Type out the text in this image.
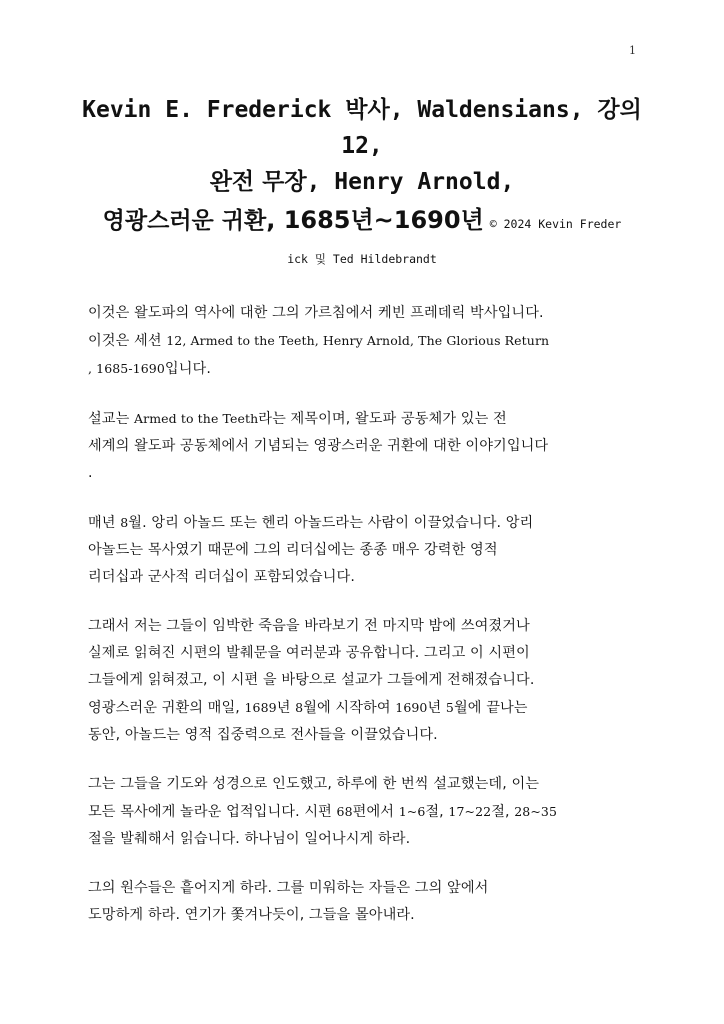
1
Kevin E. Frederick 박사, Waldensians, 강의
12,
완전 무장, Henry Arnold,
영광스러운 귀환, 1685년~1690년 © 2024 Kevin Freder
ick 및 Ted Hildebrandt

이것은 왈도파의 역사에 대한 그의 가르침에서 케빈 프레데릭 박사입니다.
이것은 세션 12, Armed to the Teeth, Henry Arnold, The Glorious Return
, 1685-1690입니다.

설교는 Armed to the Teeth라는 제목이며, 왈도파 공동체가 있는 전
세계의 왈도파 공동체에서 기념되는 영광스러운 귀환에 대한 이야기입니다
.

매년 8월. 앙리 아놀드 또는 헨리 아놀드라는 사람이 이끌었습니다. 앙리
아놀드는 목사였기 때문에 그의 리더십에는 종종 매우 강력한 영적
리더십과 군사적 리더십이 포함되었습니다.

그래서 저는 그들이 임박한 죽음을 바라보기 전 마지막 밤에 쓰여졌거나
실제로 읽혀진 시편의 발췌문을 여러분과 공유합니다. 그리고 이 시편이
그들에게 읽혀졌고, 이 시편 을 바탕으로 설교가 그들에게 전해졌습니다.
영광스러운 귀환의 매일, 1689년 8월에 시작하여 1690년 5월에 끝나는
동안, 아놀드는 영적 집중력으로 전사들을 이끌었습니다.

그는 그들을 기도와 성경으로 인도했고, 하루에 한 번씩 설교했는데, 이는
모든 목사에게 놀라운 업적입니다. 시편 68편에서 1~6절, 17~22절, 28~35
절을 발췌해서 읽습니다. 하나님이 일어나시게 하라.

그의 원수들은 흩어지게 하라. 그를 미워하는 자들은 그의 앞에서
도망하게 하라. 연기가 쫓겨나듯이, 그들을 몰아내라.
